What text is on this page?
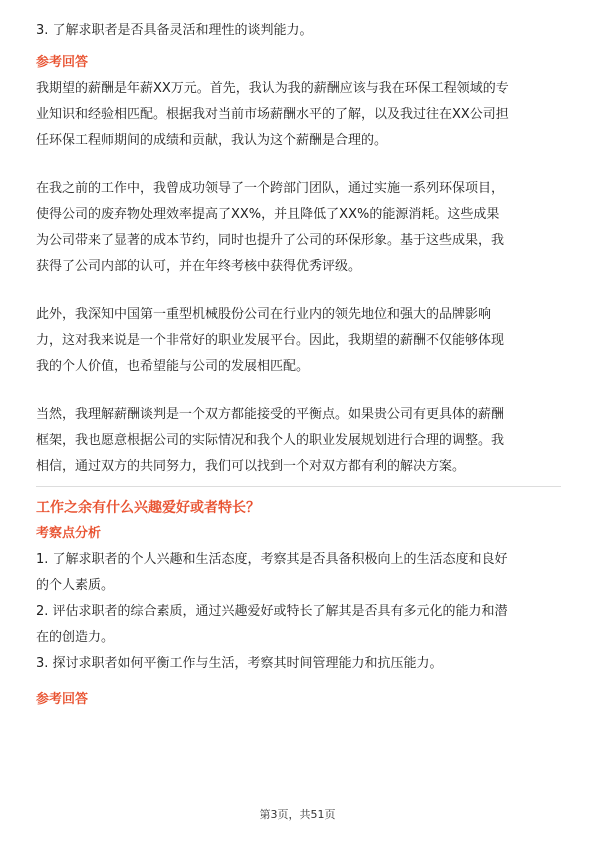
3. 了解求职者是否具备灵活和理性的谈判能力。
参考回答
我期望的薪酬是年薪XX万元。首先，我认为我的薪酬应该与我在环保工程领域的专
业知识和经验相匹配。根据我对当前市场薪酬水平的了解，以及我过往在XX公司担
任环保工程师期间的成绩和贡献，我认为这个薪酬是合理的。
在我之前的工作中，我曾成功领导了一个跨部门团队，通过实施一系列环保项目，
使得公司的废弃物处理效率提高了XX%，并且降低了XX%的能源消耗。这些成果
为公司带来了显著的成本节约，同时也提升了公司的环保形象。基于这些成果，我
获得了公司内部的认可，并在年终考核中获得优秀评级。
此外，我深知中国第一重型机械股份公司在行业内的领先地位和强大的品牌影响
力，这对我来说是一个非常好的职业发展平台。因此，我期望的薪酬不仅能够体现
我的个人价值，也希望能与公司的发展相匹配。
当然，我理解薪酬谈判是一个双方都能接受的平衡点。如果贵公司有更具体的薪酬
框架，我也愿意根据公司的实际情况和我个人的职业发展规划进行合理的调整。我
相信，通过双方的共同努力，我们可以找到一个对双方都有利的解决方案。
工作之余有什么兴趣爱好或者特长？
考察点分析
1. 了解求职者的个人兴趣和生活态度，考察其是否具备积极向上的生活态度和良好
的个人素质。
2. 评估求职者的综合素质，通过兴趣爱好或特长了解其是否具有多元化的能力和潜
在的创造力。
3. 探讨求职者如何平衡工作与生活，考察其时间管理能力和抗压能力。
参考回答
第3页，共51页
